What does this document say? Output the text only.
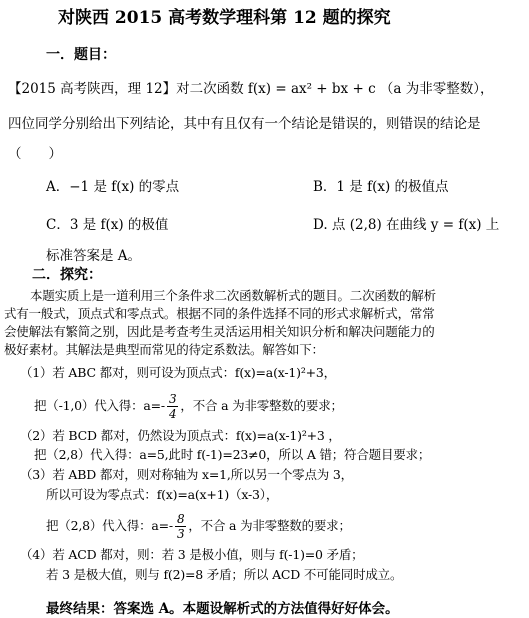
对陕西 2015 高考数学理科第 12 题的探究
一．题目：
【2015 高考陕西，理 12】对二次函数 f(x) = ax² + bx + c （a 为非零整数），
四位同学分别给出下列结论，其中有且仅有一个结论是错误的，则错误的结论是
（　　）
A．−1 是 f(x) 的零点	B．1 是 f(x) 的极值点
C．3 是 f(x) 的极值	D. 点 (2,8) 在曲线 y = f(x) 上
标准答案是 A。
二．探究：
本题实质上是一道利用三个条件求二次函数解析式的题目。二次函数的解析
式有一般式，顶点式和零点式。根据不同的条件选择不同的形式求解析式，常常
会使解法有繁简之别，因此是考查考生灵活运用相关知识分析和解决问题能力的
极好素材。其解法是典型而常见的待定系数法。解答如下：
（1）若 ABC 都对，则可设为顶点式：f(x)=a(x-1)²+3，
把（-1,0）代入得：$a=- \frac{3}{4}$ ，不合 a 为非零整数的要求；
（2）若 BCD 都对，仍然设为顶点式：f(x)=a(x-1)²+3 ，
把（2,8）代入得：a=5,此时 f(-1)=23≠0，所以 A 错；符合题目要求；
（3）若 ABD 都对，则对称轴为 x=1,所以另一个零点为 3，
所以可设为零点式：f(x)=a(x+1)（x-3），
把（2,8）代入得：$a=- \frac{8}{3}$ ，不合 a 为非零整数的要求；
（4）若 ACD 都对，则：若 3 是极小值，则与 f(-1)=0 矛盾；
若 3 是极大值，则与 f(2)=8 矛盾；所以 ACD 不可能同时成立。
最终结果：答案选 A。本题设解析式的方法值得好好体会。
